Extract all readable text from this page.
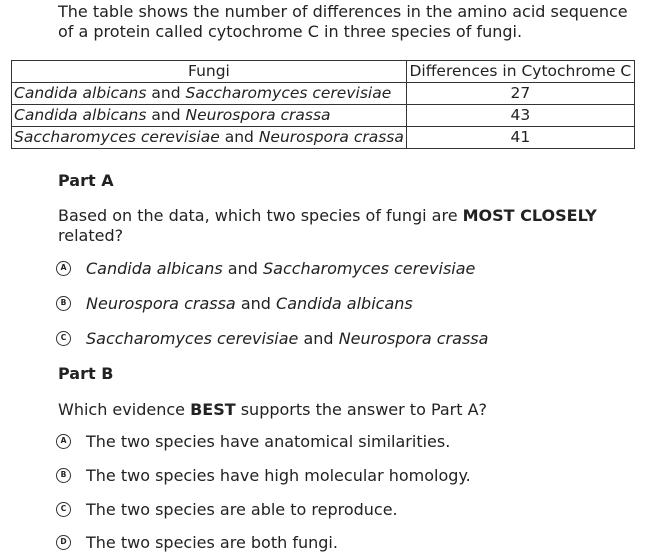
The table shows the number of differences in the amino acid sequence of a protein called cytochrome C in three species of fungi.

Fungi	Differences in Cytochrome C
Candida albicans and Saccharomyces cerevisiae	27
Candida albicans and Neurospora crassa	43
Saccharomyces cerevisiae and Neurospora crassa	41

Part A

Based on the data, which two species of fungi are MOST CLOSELY
related?

A Candida albicans and Saccharomyces cerevisiae
B Neurospora crassa and Candida albicans
C Saccharomyces cerevisiae and Neurospora crassa

Part B

Which evidence BEST supports the answer to Part A?

A The two species have anatomical similarities.
B The two species have high molecular homology.
C The two species are able to reproduce.
D The two species are both fungi.
